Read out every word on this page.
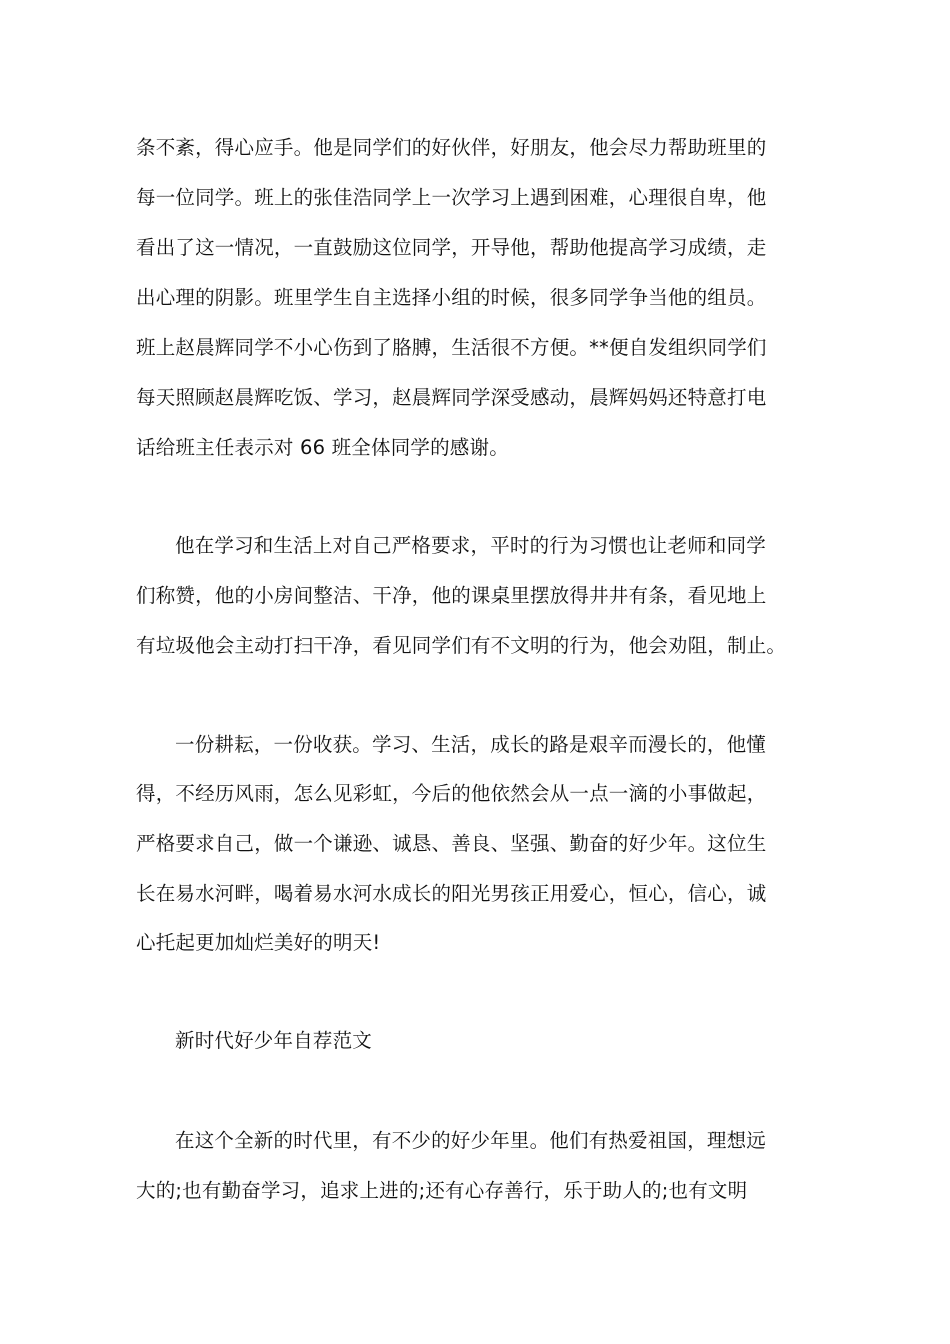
条不紊，得心应手。他是同学们的好伙伴，好朋友，他会尽力帮助班里的
每一位同学。班上的张佳浩同学上一次学习上遇到困难，心理很自卑，他
看出了这一情况，一直鼓励这位同学，开导他，帮助他提高学习成绩，走
出心理的阴影。班里学生自主选择小组的时候，很多同学争当他的组员。
班上赵晨辉同学不小心伤到了胳膊，生活很不方便。**便自发组织同学们
每天照顾赵晨辉吃饭、学习，赵晨辉同学深受感动，晨辉妈妈还特意打电
话给班主任表示对 66 班全体同学的感谢。
他在学习和生活上对自己严格要求，平时的行为习惯也让老师和同学
们称赞，他的小房间整洁、干净，他的课桌里摆放得井井有条，看见地上
有垃圾他会主动打扫干净，看见同学们有不文明的行为，他会劝阻，制止。
一份耕耘，一份收获。学习、生活，成长的路是艰辛而漫长的，他懂
得，不经历风雨，怎么见彩虹，今后的他依然会从一点一滴的小事做起，
严格要求自己，做一个谦逊、诚恳、善良、坚强、勤奋的好少年。这位生
长在易水河畔，喝着易水河水成长的阳光男孩正用爱心，恒心，信心，诚
心托起更加灿烂美好的明天!
新时代好少年自荐范文
在这个全新的时代里，有不少的好少年里。他们有热爱祖国，理想远
大的;也有勤奋学习，追求上进的;还有心存善行，乐于助人的;也有文明
